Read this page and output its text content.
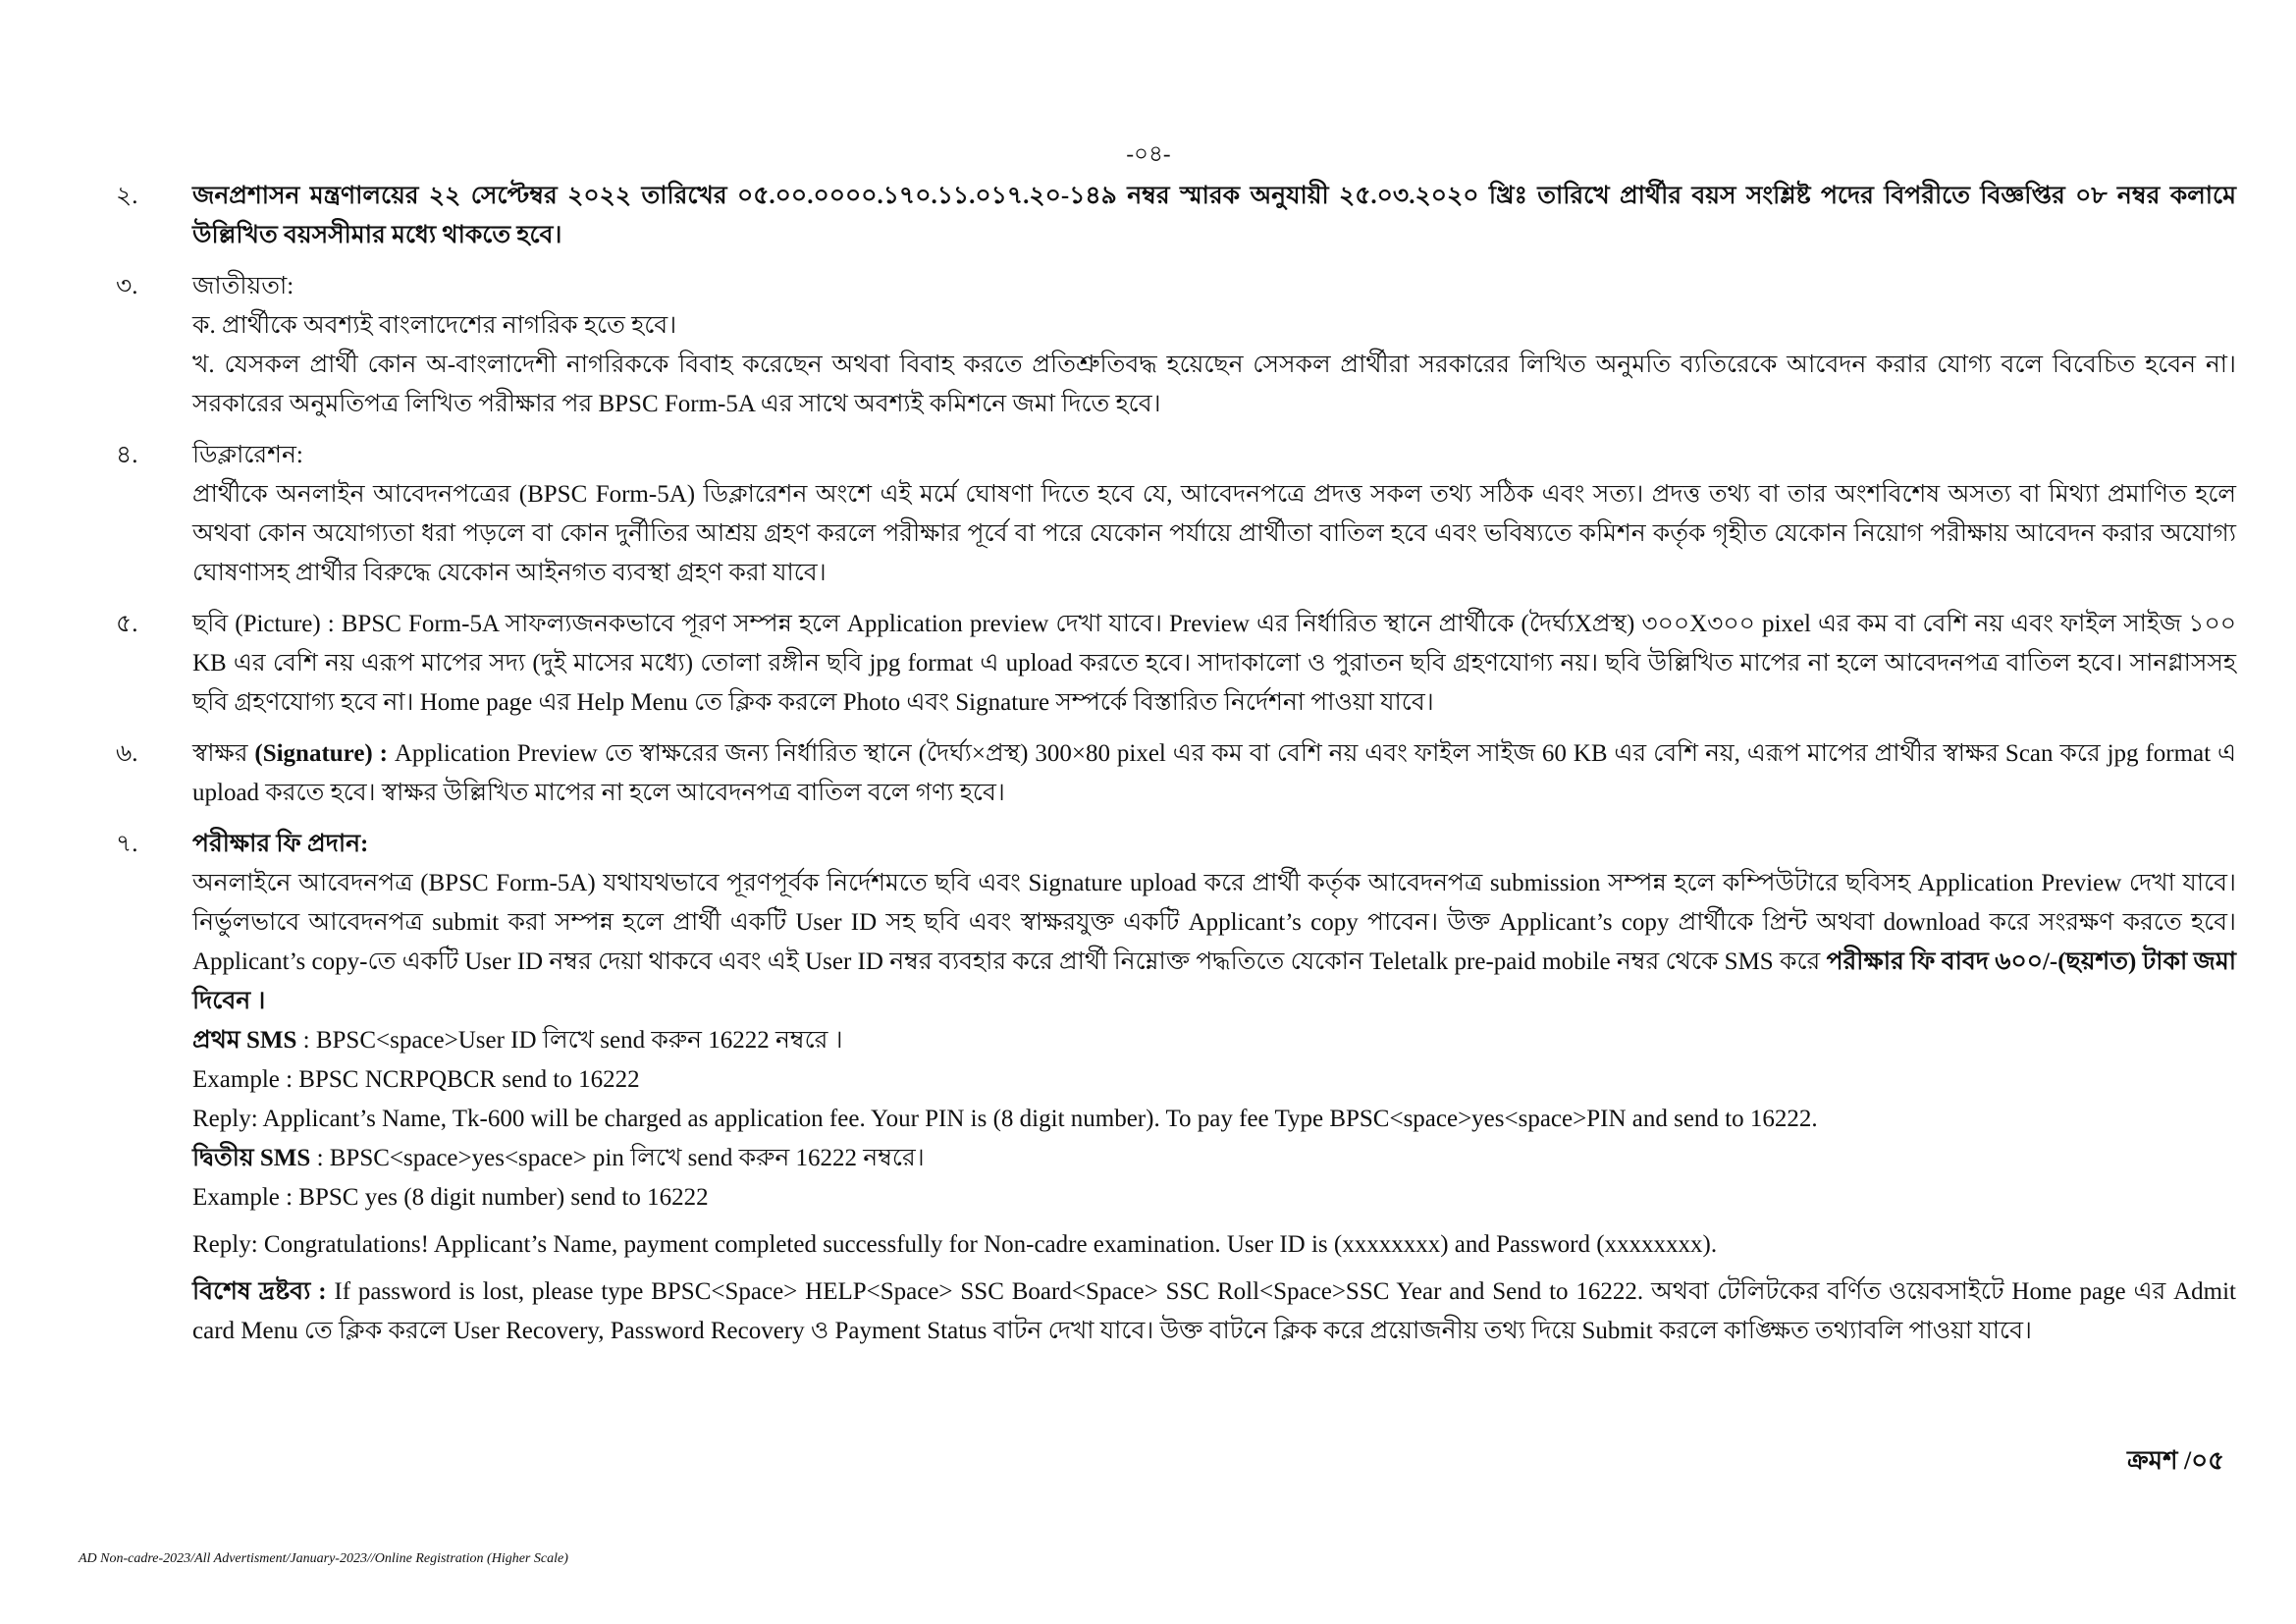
-০৪-
২.	জনপ্রশাসন মন্ত্রণালয়ের ২২ সেপ্টেম্বর ২০২২ তারিখের ০৫.০০.০০০০.১৭০.১১.০১৭.২০-১৪৯ নম্বর স্মারক অনুযায়ী ২৫.০৩.২০২০ খ্রিঃ তারিখে প্রার্থীর বয়স সংশ্লিষ্ট পদের বিপরীতে বিজ্ঞপ্তির ০৮ নম্বর কলামে উল্লিখিত বয়সসীমার মধ্যে থাকতে হবে।
৩.	জাতীয়তা:
ক. প্রার্থীকে অবশ্যই বাংলাদেশের নাগরিক হতে হবে।
খ. যেসকল প্রার্থী কোন অ-বাংলাদেশী নাগরিককে বিবাহ করেছেন অথবা বিবাহ করতে প্রতিশ্রুতিবদ্ধ হয়েছেন সেসকল প্রার্থীরা সরকারের লিখিত অনুমতি ব্যতিরেকে আবেদন করার যোগ্য বলে বিবেচিত হবেন না। সরকারের অনুমতিপত্র লিখিত পরীক্ষার পর BPSC Form-5A এর সাথে অবশ্যই কমিশনে জমা দিতে হবে।
৪.	ডিক্লারেশন:
প্রার্থীকে অনলাইন আবেদনপত্রের (BPSC Form-5A) ডিক্লারেশন অংশে এই মর্মে ঘোষণা দিতে হবে যে, আবেদনপত্রে প্রদত্ত সকল তথ্য সঠিক এবং সত্য। প্রদত্ত তথ্য বা তার অংশবিশেষ অসত্য বা মিথ্যা প্রমাণিত হলে অথবা কোন অযোগ্যতা ধরা পড়লে বা কোন দুর্নীতির আশ্রয় গ্রহণ করলে পরীক্ষার পূর্বে বা পরে যেকোন পর্যায়ে প্রার্থীতা বাতিল হবে এবং ভবিষ্যতে কমিশন কর্তৃক গৃহীত যেকোন নিয়োগ পরীক্ষায় আবেদন করার অযোগ্য ঘোষণাসহ প্রার্থীর বিরুদ্ধে যেকোন আইনগত ব্যবস্থা গ্রহণ করা যাবে।
৫.	ছবি (Picture) : BPSC Form-5A সাফল্যজনকভাবে পূরণ সম্পন্ন হলে Application preview দেখা যাবে। Preview এর নির্ধারিত স্থানে প্রার্থীকে (দৈর্ঘ্যXপ্রস্থ) ৩০০X৩০০ pixel এর কম বা বেশি নয় এবং ফাইল সাইজ ১০০ KB এর বেশি নয় এরূপ মাপের সদ্য (দুই মাসের মধ্যে) তোলা রঙ্গীন ছবি jpg format এ upload করতে হবে। সাদাকালো ও পুরাতন ছবি গ্রহণযোগ্য নয়। ছবি উল্লিখিত মাপের না হলে আবেদনপত্র বাতিল হবে। সানগ্লাসসহ ছবি গ্রহণযোগ্য হবে না। Home page এর Help Menu তে ক্লিক করলে Photo এবং Signature সম্পর্কে বিস্তারিত নির্দেশনা পাওয়া যাবে।
৬.	স্বাক্ষর (Signature) : Application Preview তে স্বাক্ষরের জন্য নির্ধারিত স্থানে (দৈর্ঘ্য×প্রস্থ) 300×80 pixel এর কম বা বেশি নয় এবং ফাইল সাইজ 60 KB এর বেশি নয়, এরূপ মাপের প্রার্থীর স্বাক্ষর Scan করে jpg format এ upload করতে হবে। স্বাক্ষর উল্লিখিত মাপের না হলে আবেদনপত্র বাতিল বলে গণ্য হবে।
৭.	পরীক্ষার ফি প্রদান:
অনলাইনে আবেদনপত্র (BPSC Form-5A) যথাযথভাবে পূরণপূর্বক নির্দেশমতে ছবি এবং Signature upload করে প্রার্থী কর্তৃক আবেদনপত্র submission সম্পন্ন হলে কম্পিউটারে ছবিসহ Application Preview দেখা যাবে। নির্ভুলভাবে আবেদনপত্র submit করা সম্পন্ন হলে প্রার্থী একটি User ID সহ ছবি এবং স্বাক্ষরযুক্ত একটি Applicant’s copy পাবেন। উক্ত Applicant’s copy প্রার্থীকে প্রিন্ট অথবা download করে সংরক্ষণ করতে হবে। Applicant’s copy-তে একটি User ID নম্বর দেয়া থাকবে এবং এই User ID নম্বর ব্যবহার করে প্রার্থী নিম্নোক্ত পদ্ধতিতে যেকোন Teletalk pre-paid mobile নম্বর থেকে SMS করে পরীক্ষার ফি বাবদ ৬০০/-(ছয়শত) টাকা জমা দিবেন ।
প্রথম SMS : BPSC<space>User ID লিখে send করুন 16222 নম্বরে ।
Example : BPSC NCRPQBCR send to 16222
Reply: Applicant’s Name, Tk-600 will be charged as application fee. Your PIN is (8 digit number). To pay fee Type BPSC<space>yes<space>PIN and send to 16222.
দ্বিতীয় SMS : BPSC<space>yes<space> pin লিখে send করুন 16222 নম্বরে।
Example : BPSC yes (8 digit number) send to 16222
Reply: Congratulations! Applicant’s Name, payment completed successfully for Non-cadre examination. User ID is (xxxxxxxx) and Password (xxxxxxxx).
বিশেষ দ্রষ্টব্য : If password is lost, please type BPSC<Space> HELP<Space> SSC Board<Space> SSC Roll<Space>SSC Year and Send to 16222. অথবা টেলিটকের বর্ণিত ওয়েবসাইটে Home page এর Admit card Menu তে ক্লিক করলে User Recovery, Password Recovery ও Payment Status বাটন দেখা যাবে। উক্ত বাটনে ক্লিক করে প্রয়োজনীয় তথ্য দিয়ে Submit করলে কাঙ্ক্ষিত তথ্যাবলি পাওয়া যাবে।
ক্রমশ /০৫
AD Non-cadre-2023/All Advertisment/January-2023//Online Registration (Higher Scale)
